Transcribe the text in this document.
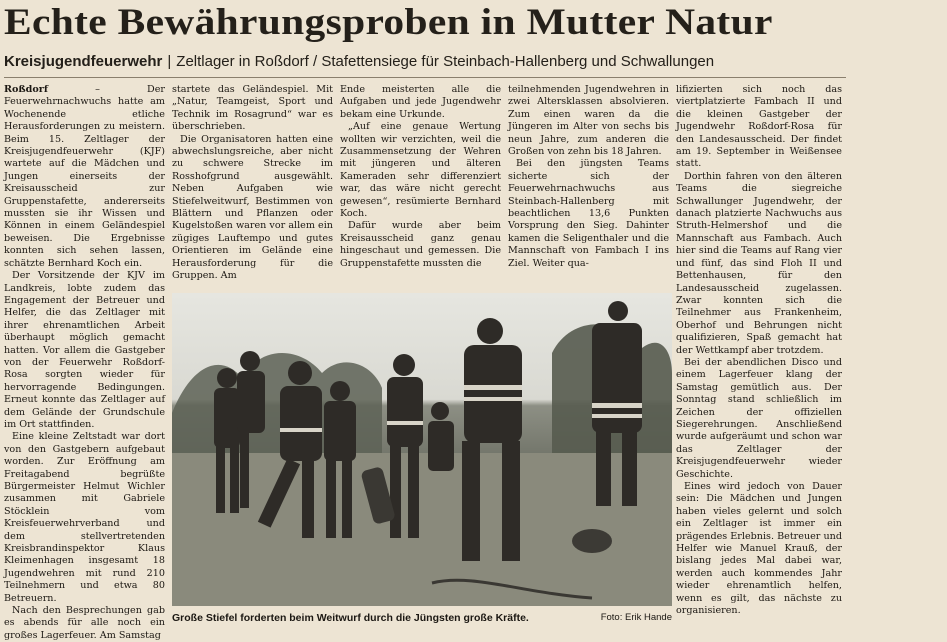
Echte Bewährungsproben in Mutter Natur
Kreisjugendfeuerwehr | Zeltlager in Roßdorf / Stafettensiege für Steinbach-Hallenberg und Schwallungen

Roßdorf – Der Feuerwehrnachwuchs hatte am Wochenende etliche Herausforderungen zu meistern. Beim 15. Zeltlager der Kreisjugendfeuerwehr (KJF) wartete auf die Mädchen und Jungen einerseits der Kreisausscheid zur Gruppenstafette, andererseits mussten sie ihr Wissen und Können in einem Geländespiel beweisen. Die Ergebnisse konnten sich sehen lassen, schätzte Bernhard Koch ein.

Der Vorsitzende der KJV im Landkreis, lobte zudem das Engagement der Betreuer und Helfer, die das Zeltlager mit ihrer ehrenamtlichen Arbeit überhaupt möglich gemacht hatten. Vor allem die Gastgeber von der Feuerwehr Roßdorf-Rosa sorgten wieder für hervorragende Bedingungen. Erneut konnte das Zeltlager auf dem Gelände der Grundschule im Ort stattfinden.

Eine kleine Zeltstadt war dort von den Gastgebern aufgebaut worden. Zur Eröffnung am Freitagabend begrüßte Bürgermeister Helmut Wichler zusammen mit Gabriele Stöcklein vom Kreisfeuerwehrverband und dem stellvertretenden Kreisbrandinspektor Klaus Kleimenhagen insgesamt 18 Jugendwehren mit rund 210 Teilnehmern und etwa 80 Betreuern.

Nach den Besprechungen gab es abends für alle noch ein großes Lagerfeuer. Am Samstag

startete das Geländespiel. Mit „Natur, Teamgeist, Sport und Technik im Rosagrund“ war es überschrieben.

Die Organisatoren hatten eine abwechslungsreiche, aber nicht zu schwere Strecke im Rosshofgrund ausgewählt. Neben Aufgaben wie Stiefelweitwurf, Bestimmen von Blättern und Pflanzen oder Kugelstoßen waren vor allem ein zügiges Lauftempo und gutes Orientieren im Gelände eine Herausforderung für die Gruppen. Am

Ende meisterten alle die Aufgaben und jede Jugendwehr bekam eine Urkunde.

„Auf eine genaue Wertung wollten wir verzichten, weil die Zusammensetzung der Wehren mit jüngeren und älteren Kameraden sehr differenziert war, das wäre nicht gerecht gewesen“, resümierte Bernhard Koch.

Dafür wurde aber beim Kreisausscheid ganz genau hingeschaut und gemessen. Die Gruppenstafette mussten die

teilnehmenden Jugendwehren in zwei Altersklassen absolvieren. Zum einen waren da die Jüngeren im Alter von sechs bis neun Jahre, zum anderen die Großen von zehn bis 18 Jahren.

Bei den jüngsten Teams sicherte sich der Feuerwehrnachwuchs aus Steinbach-Hallenberg mit beachtlichen 13,6 Punkten Vorsprung den Sieg. Dahinter kamen die Seligenthaler und die Mannschaft von Fambach I ins Ziel. Weiter qua-

lifizierten sich noch das viertplatzierte Fambach II und die kleinen Gastgeber der Jugendwehr Roßdorf-Rosa für den Landesausscheid. Der findet am 19. September in Weißensee statt.

Dorthin fahren von den älteren Teams die siegreiche Schwallunger Jugendwehr, der danach platzierte Nachwuchs aus Struth-Helmershof und die Mannschaft aus Fambach. Auch hier sind die Teams auf Rang vier und fünf, das sind Floh II und Bettenhausen, für den Landesausscheid zugelassen. Zwar konnten sich die Teilnehmer aus Frankenheim, Oberhof und Behrungen nicht qualifizieren, Spaß gemacht hat der Wettkampf aber trotzdem.

Bei der abendlichen Disco und einem Lagerfeuer klang der Samstag gemütlich aus. Der Sonntag stand schließlich im Zeichen der offiziellen Siegerehrungen. Anschließend wurde aufgeräumt und schon war das Zeltlager der Kreisjugendfeuerwehr wieder Geschichte.

Eines wird jedoch von Dauer sein: Die Mädchen und Jungen haben vieles gelernt und solch ein Zeltlager ist immer ein prägendes Erlebnis. Betreuer und Helfer wie Manuel Krauß, der bislang jedes Mal dabei war, werden auch kommendes Jahr wieder ehrenamtlich helfen, wenn es gilt, das nächste zu organisieren.

Große Stiefel forderten beim Weitwurf durch die Jüngsten große Kräfte.	Foto: Erik Hande
